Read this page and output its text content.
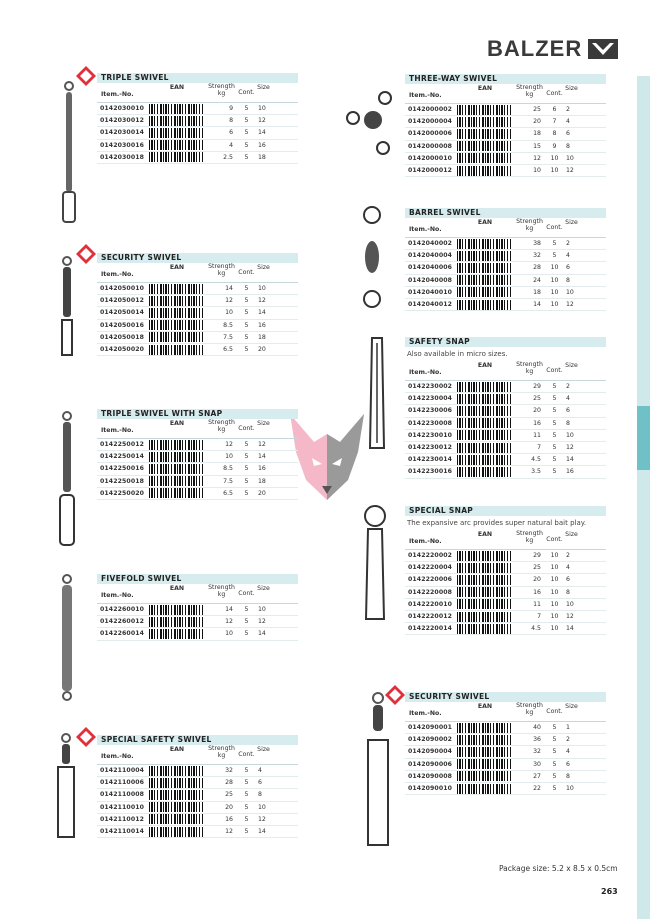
BALZER
TRIPLE SWIVEL
Item.-No.
EAN	Strength kg	Cont.
Size
0142030010	9	5	10
0142030012	8	5	12
0142030014	6	5	14
0142030016	4	5	16
0142030018	2.5	5	18
SECURITY SWIVEL
Item.-No.
EAN	Strength kg	Cont.
Size
0142050010	14	5	10
0142050012	12	5	12
0142050014	10	5	14
0142050016	8.5	5	16
0142050018	7.5	5	18
0142050020	6.5	5	20
TRIPLE SWIVEL WITH SNAP
Item.-No.
EAN	Strength kg	Cont.
Size
0142250012	12	5	12
0142250014	10	5	14
0142250016	8.5	5	16
0142250018	7.5	5	18
0142250020	6.5	5	20
FIVEFOLD SWIVEL
Item.-No.
EAN	Strength kg	Cont.
Size
0142260010	14	5	10
0142260012	12	5	12
0142260014	10	5	14
SPECIAL SAFETY SWIVEL
Item.-No.
EAN	Strength kg	Cont.
Size
0142110004	32	5	4
0142110006	28	5	6
0142110008	25	5	8
0142110010	20	5	10
0142110012	16	5	12
0142110014	12	5	14
THREE-WAY SWIVEL
Item.-No.
EAN	Strength kg	Cont.
Size
0142000002	25	6	2
0142000004	20	7	4
0142000006	18	8	6
0142000008	15	9	8
0142000010	12	10	10
0142000012	10	10	12
BARREL SWIVEL
Item.-No.
EAN	Strength kg	Cont.
Size
0142040002	38	5	2
0142040004	32	5	4
0142040006	28	10	6
0142040008	24	10	8
0142040010	18	10	10
0142040012	14	10	12
SAFETY SNAP
Also available in micro sizes.
Item.-No.
EAN	Strength kg	Cont.
Size
0142230002	29	5	2
0142230004	25	5	4
0142230006	20	5	6
0142230008	16	5	8
0142230010	11	5	10
0142230012	7	5	12
0142230014	4.5	5	14
0142230016	3.5	5	16
SPECIAL SNAP
The expansive arc provides super natural bait play.
Item.-No.
EAN	Strength kg	Cont.
Size
0142220002	29	10	2
0142220004	25	10	4
0142220006	20	10	6
0142220008	16	10	8
0142220010	11	10	10
0142220012	7	10	12
0142220014	4.5	10	14
SECURITY SWIVEL
Item.-No.
EAN	Strength kg	Cont.
Size
0142090001	40	5	1
0142090002	36	5	2
0142090004	32	5	4
0142090006	30	5	6
0142090008	27	5	8
0142090010	22	5	10
Package size: 5.2 x 8.5 x 0.5cm
263
